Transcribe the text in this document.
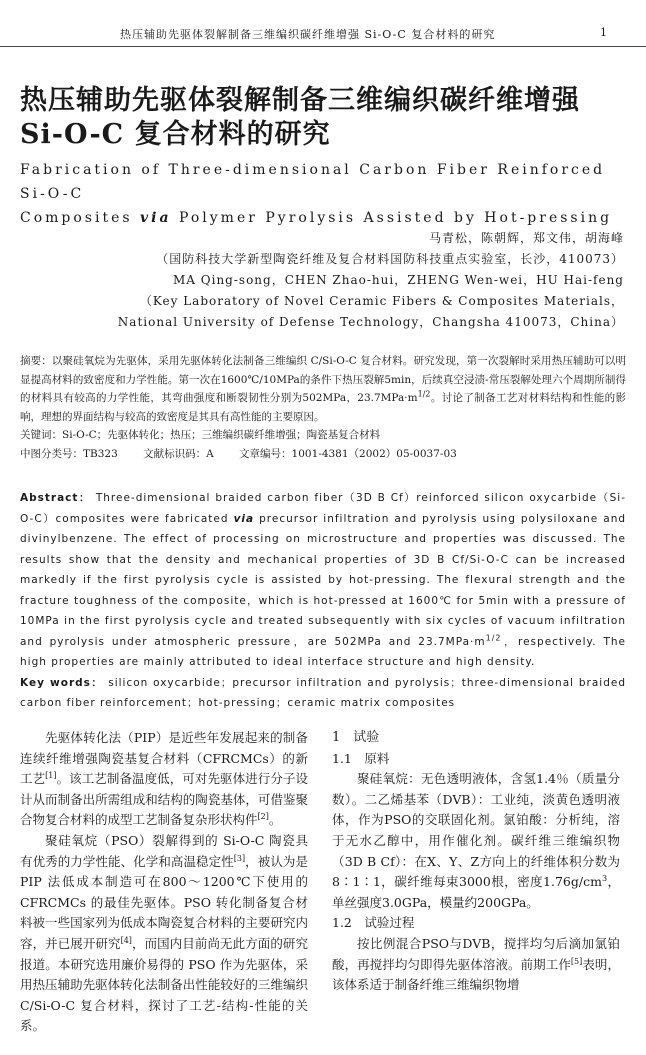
热压辅助先驱体裂解制备三维编织碳纤维增强 Si-O-C 复合材料的研究	1
热压辅助先驱体裂解制备三维编织碳纤维增强
Si-O-C 复合材料的研究
Fabrication of Three-dimensional Carbon Fiber Reinforced Si-O-C
Composites via Polymer Pyrolysis Assisted by Hot-pressing
马青松，陈朝辉，郑文伟，胡海峰
（国防科技大学新型陶瓷纤维及复合材料国防科技重点实验室，长沙，410073）
MA Qing-song，CHEN Zhao-hui，ZHENG Wen-wei，HU Hai-feng
（Key Laboratory of Novel Ceramic Fibers & Composites Materials，
National University of Defense Technology，Changsha 410073，China）
摘要：以聚硅氧烷为先驱体，采用先驱体转化法制备三维编织 C/Si-O-C 复合材料。研究发现，第一次裂解时采用热压辅助可以明显提高材料的致密度和力学性能。第一次在1600℃/10MPa的条件下热压裂解5min，后续真空浸渍-常压裂解处理六个周期所制得的材料具有较高的力学性能，其弯曲强度和断裂韧性分别为502MPa，$23.7MPa\cdot m^{1/2}$。讨论了制备工艺对材料结构和性能的影响，理想的界面结构与较高的致密度是其具有高性能的主要原因。
关键词：Si-O-C；先驱体转化；热压；三维编织碳纤维增强；陶瓷基复合材料
中图分类号：TB323 文献标识码：A 文章编号：1001-4381（2002）05-0037-03
Abstract： Three-dimensional braided carbon fiber（3D B Cf）reinforced silicon oxycarbide（Si-O-C）composites were fabricated via precursor infiltration and pyrolysis using polysiloxane and divinylbenzene. The effect of processing on microstructure and properties was discussed. The results show that the density and mechanical properties of 3D B Cf/Si-O-C can be increased markedly if the first pyrolysis cycle is assisted by hot-pressing. The flexural strength and the fracture toughness of the composite，which is hot-pressed at 1600℃ for 5min with a pressure of 10MPa in the first pyrolysis cycle and treated subsequently with six cycles of vacuum infiltration and pyrolysis under atmospheric pressure，are 502MPa and $23.7MPa\cdot m^{1/2}$，respectively. The high properties are mainly attributed to ideal interface structure and high density.
Key words： silicon oxycarbide；precursor infiltration and pyrolysis；three-dimensional braided carbon fiber reinforcement；hot-pressing；ceramic matrix composites

先驱体转化法（PIP）是近些年发展起来的制备连续纤维增强陶瓷基复合材料（CFRCMCs）的新工艺[1]。该工艺制备温度低，可对先驱体进行分子设计从而制备出所需组成和结构的陶瓷基体，可借鉴聚合物复合材料的成型工艺制备复杂形状构件[2]。

聚硅氧烷（PSO）裂解得到的 Si-O-C 陶瓷具有优秀的力学性能、化学和高温稳定性[3]，被认为是 PIP 法低成本制造可在800～1200℃下使用的 CFRCMCs 的最佳先驱体。PSO 转化制备复合材料被一些国家列为低成本陶瓷复合材料的主要研究内容，并已展开研究[4]，而国内目前尚无此方面的研究报道。本研究选用廉价易得的 PSO 作为先驱体，采用热压辅助先驱体转化法制备出性能较好的三维编织 C/Si-O-C 复合材料，探讨了工艺-结构-性能的关系。

1　试验

1.1　原料

聚硅氧烷：无色透明液体，含氢1.4％（质量分数）。二乙烯基苯（DVB）：工业纯，淡黄色透明液体，作为PSO的交联固化剂。氯铂酸：分析纯，溶于无水乙醇中，用作催化剂。碳纤维三维编织物（3D B Cf）：在X、Y、Z方向上的纤维体积分数为8∶1∶1，碳纤维每束3000根，密度$1.76g/cm^3$，单丝强度3.0GPa，模量约200GPa。

1.2　试验过程

按比例混合PSO与DVB，搅拌均匀后滴加氯铂酸，再搅拌均匀即得先驱体溶液。前期工作[5]表明，该体系适于制备纤维三维编织物增
